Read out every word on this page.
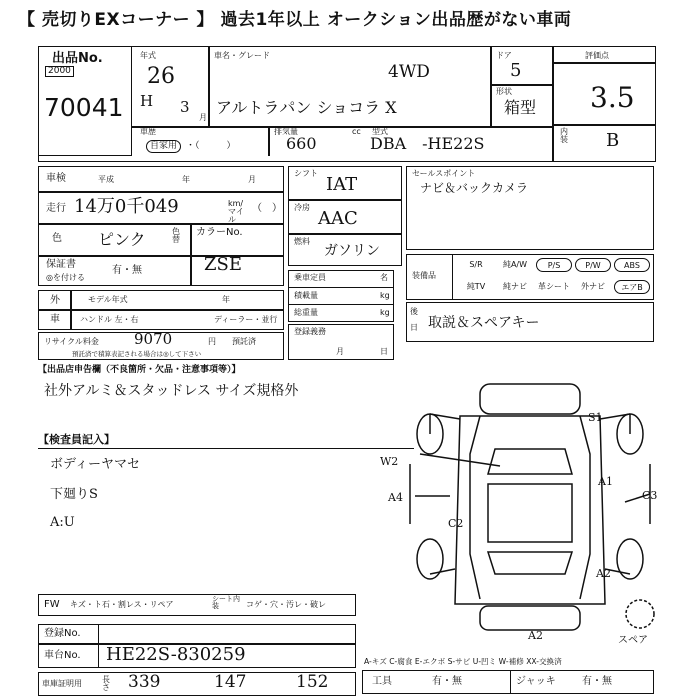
【 売切りEXコーナー 】 過去1年以上 オークション出品歴がない車両
出品No.
2000
70041
年式
26
H 3
月
車名・グレード
4WD
アルトラパン ショコラ X
ドア
5
形状
箱型
評価点
3.5
内装 B
車歴
自家用 ・（　　　）
排気量
660
cc 型式
DBA　-HE22S
車検	平成	年	月
走行 14万0千049	km/マイル
（　）
色 ピンク	色替
カラーNo.
ZSE
保証書
◎を付ける
有・無
外
車
モデル年式	年
ハンドル 左・右	ディーラー・並行
リサイクル料金 9070	円 預託済
預託済で積算表記される場合は◎して下さい
シフト
IAT
冷房
AAC
燃料
ガソリン
乗車定員	名
積載量	kg
総重量	kg
登録義務
月	日
セールスポイント
ナビ＆バックカメラ
装備品
S/R	純A/W	P/S	P/W	ABS
純TV	純ナビ	革シート	外ナビ	エアB
後
日 取説＆スペアキー
【出品店申告欄（不良箇所・欠品・注意事項等）】
社外アルミ＆スタッドレス サイズ規格外
【検査員記入】
ボディーヤマセ
下廻りS
A:U
W2
A4
S1
A1
C3
C2
A2
A2	スペア
FW キズ・ト石・割レス・リペア
シート内装	コゲ・穴・汚レ・破レ
登録No.
車台No. HE22S-830259
車庫証明用	長さ 339	147	152
A-キズ C-腐食 E-エクボ S-サビ U-凹ミ W-補修 XX-交換済
工具	有・無	ジャッキ	有・無
